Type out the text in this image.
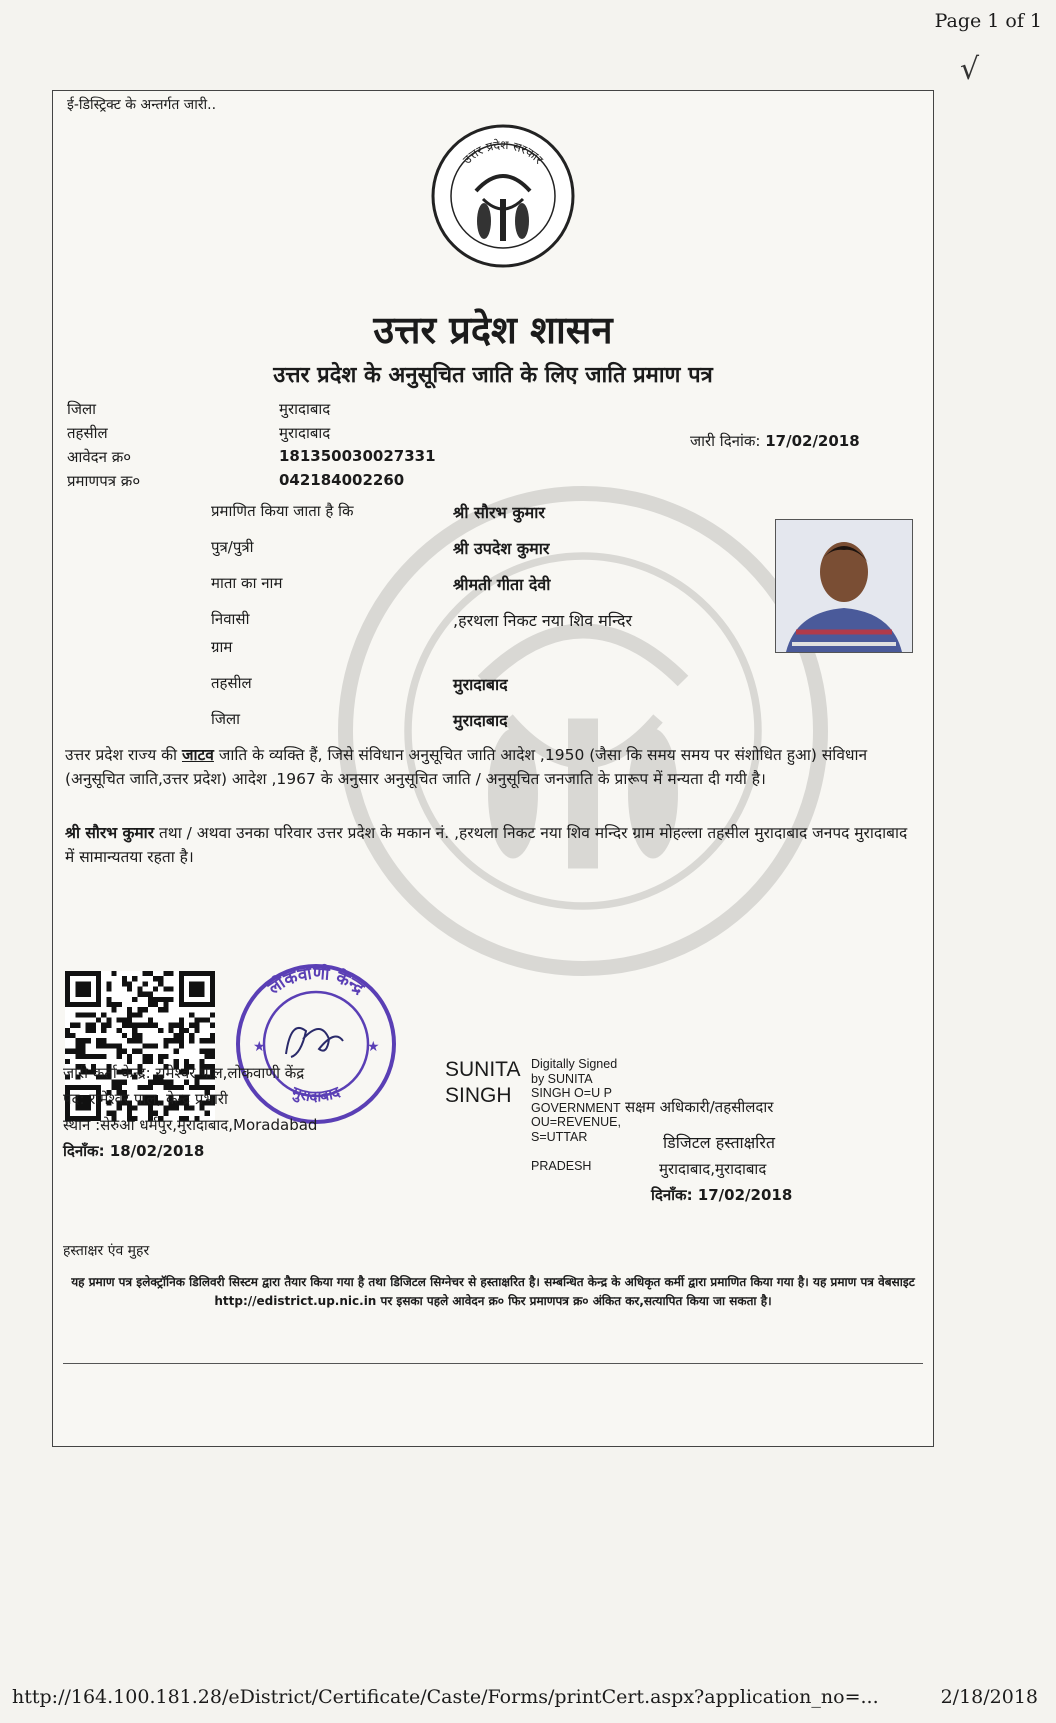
Page 1 of 1
√
ई-डिस्ट्रिक्ट के अन्तर्गत जारी..
उत्तर प्रदेश सरकार
उत्तर प्रदेश शासन
उत्तर प्रदेश के अनुसूचित जाति के लिए जाति प्रमाण पत्र
जिला	मुरादाबाद
तहसील	मुरादाबाद
आवेदन क्र०	181350030027331
प्रमाणपत्र क्र०	042184002260
जारी दिनांक: 17/02/2018
प्रमाणित किया जाता है कि	श्री सौरभ कुमार
पुत्र/पुत्री	श्री उपदेश कुमार
माता का नाम	श्रीमती गीता देवी
निवासी	,हरथला निकट नया शिव मन्दिर
ग्राम
तहसील	मुरादाबाद
जिला	मुरादाबाद
उत्तर प्रदेश राज्य की जाटव जाति के व्यक्ति हैं, जिसे संविधान अनुसूचित जाति आदेश ,1950 (जैसा कि समय समय पर संशोधित हुआ) संविधान (अनुसूचित जाति,उत्तर प्रदेश) आदेश ,1967 के अनुसार अनुसूचित जाति / अनुसूचित जनजाति के प्रारूप में मन्यता दी गयी है।
श्री सौरभ कुमार तथा / अथवा उनका परिवार उत्तर प्रदेश के मकान नं. ,हरथला निकट नया शिव मन्दिर ग्राम मोहल्ला तहसील मुरादाबाद जनपद मुरादाबाद में सामान्यतया रहता है।
लोकवाणी केन्द्र
मुरादाबाद
★	★
जारी कर्ता केन्द्र: रामेश्वर पाल,लोकवाणी केंद्र
पद: रामेश्वर पाल, केन्द्र प्रभारी
स्थान :सेरुआ धर्मपुर,मुरादाबाद,Moradabad
दिनाँक: 18/02/2018
SUNITA SINGH
Digitally Signed
by SUNITA
SINGH O=U P
GOVERNMENT
OU=REVENUE,
S=UTTAR
PRADESH
सक्षम अधिकारी/तहसीलदार
डिजिटल हस्ताक्षरित
मुरादाबाद,मुरादाबाद
दिनाँक: 17/02/2018
हस्ताक्षर एंव मुहर
यह प्रमाण पत्र इलेक्ट्रॉनिक डिलिवरी सिस्टम द्वारा तैयार किया गया है तथा डिजिटल सिग्नेचर से हस्ताक्षरित है। सम्बन्धित केन्द्र के अधिकृत कर्मी द्वारा प्रमाणित किया गया है। यह प्रमाण पत्र वेबसाइट http://edistrict.up.nic.in पर इसका पहले आवेदन क्र० फिर प्रमाणपत्र क्र० अंकित कर,सत्यापित किया जा सकता है।
http://164.100.181.28/eDistrict/Certificate/Caste/Forms/printCert.aspx?application_no=...	2/18/2018
